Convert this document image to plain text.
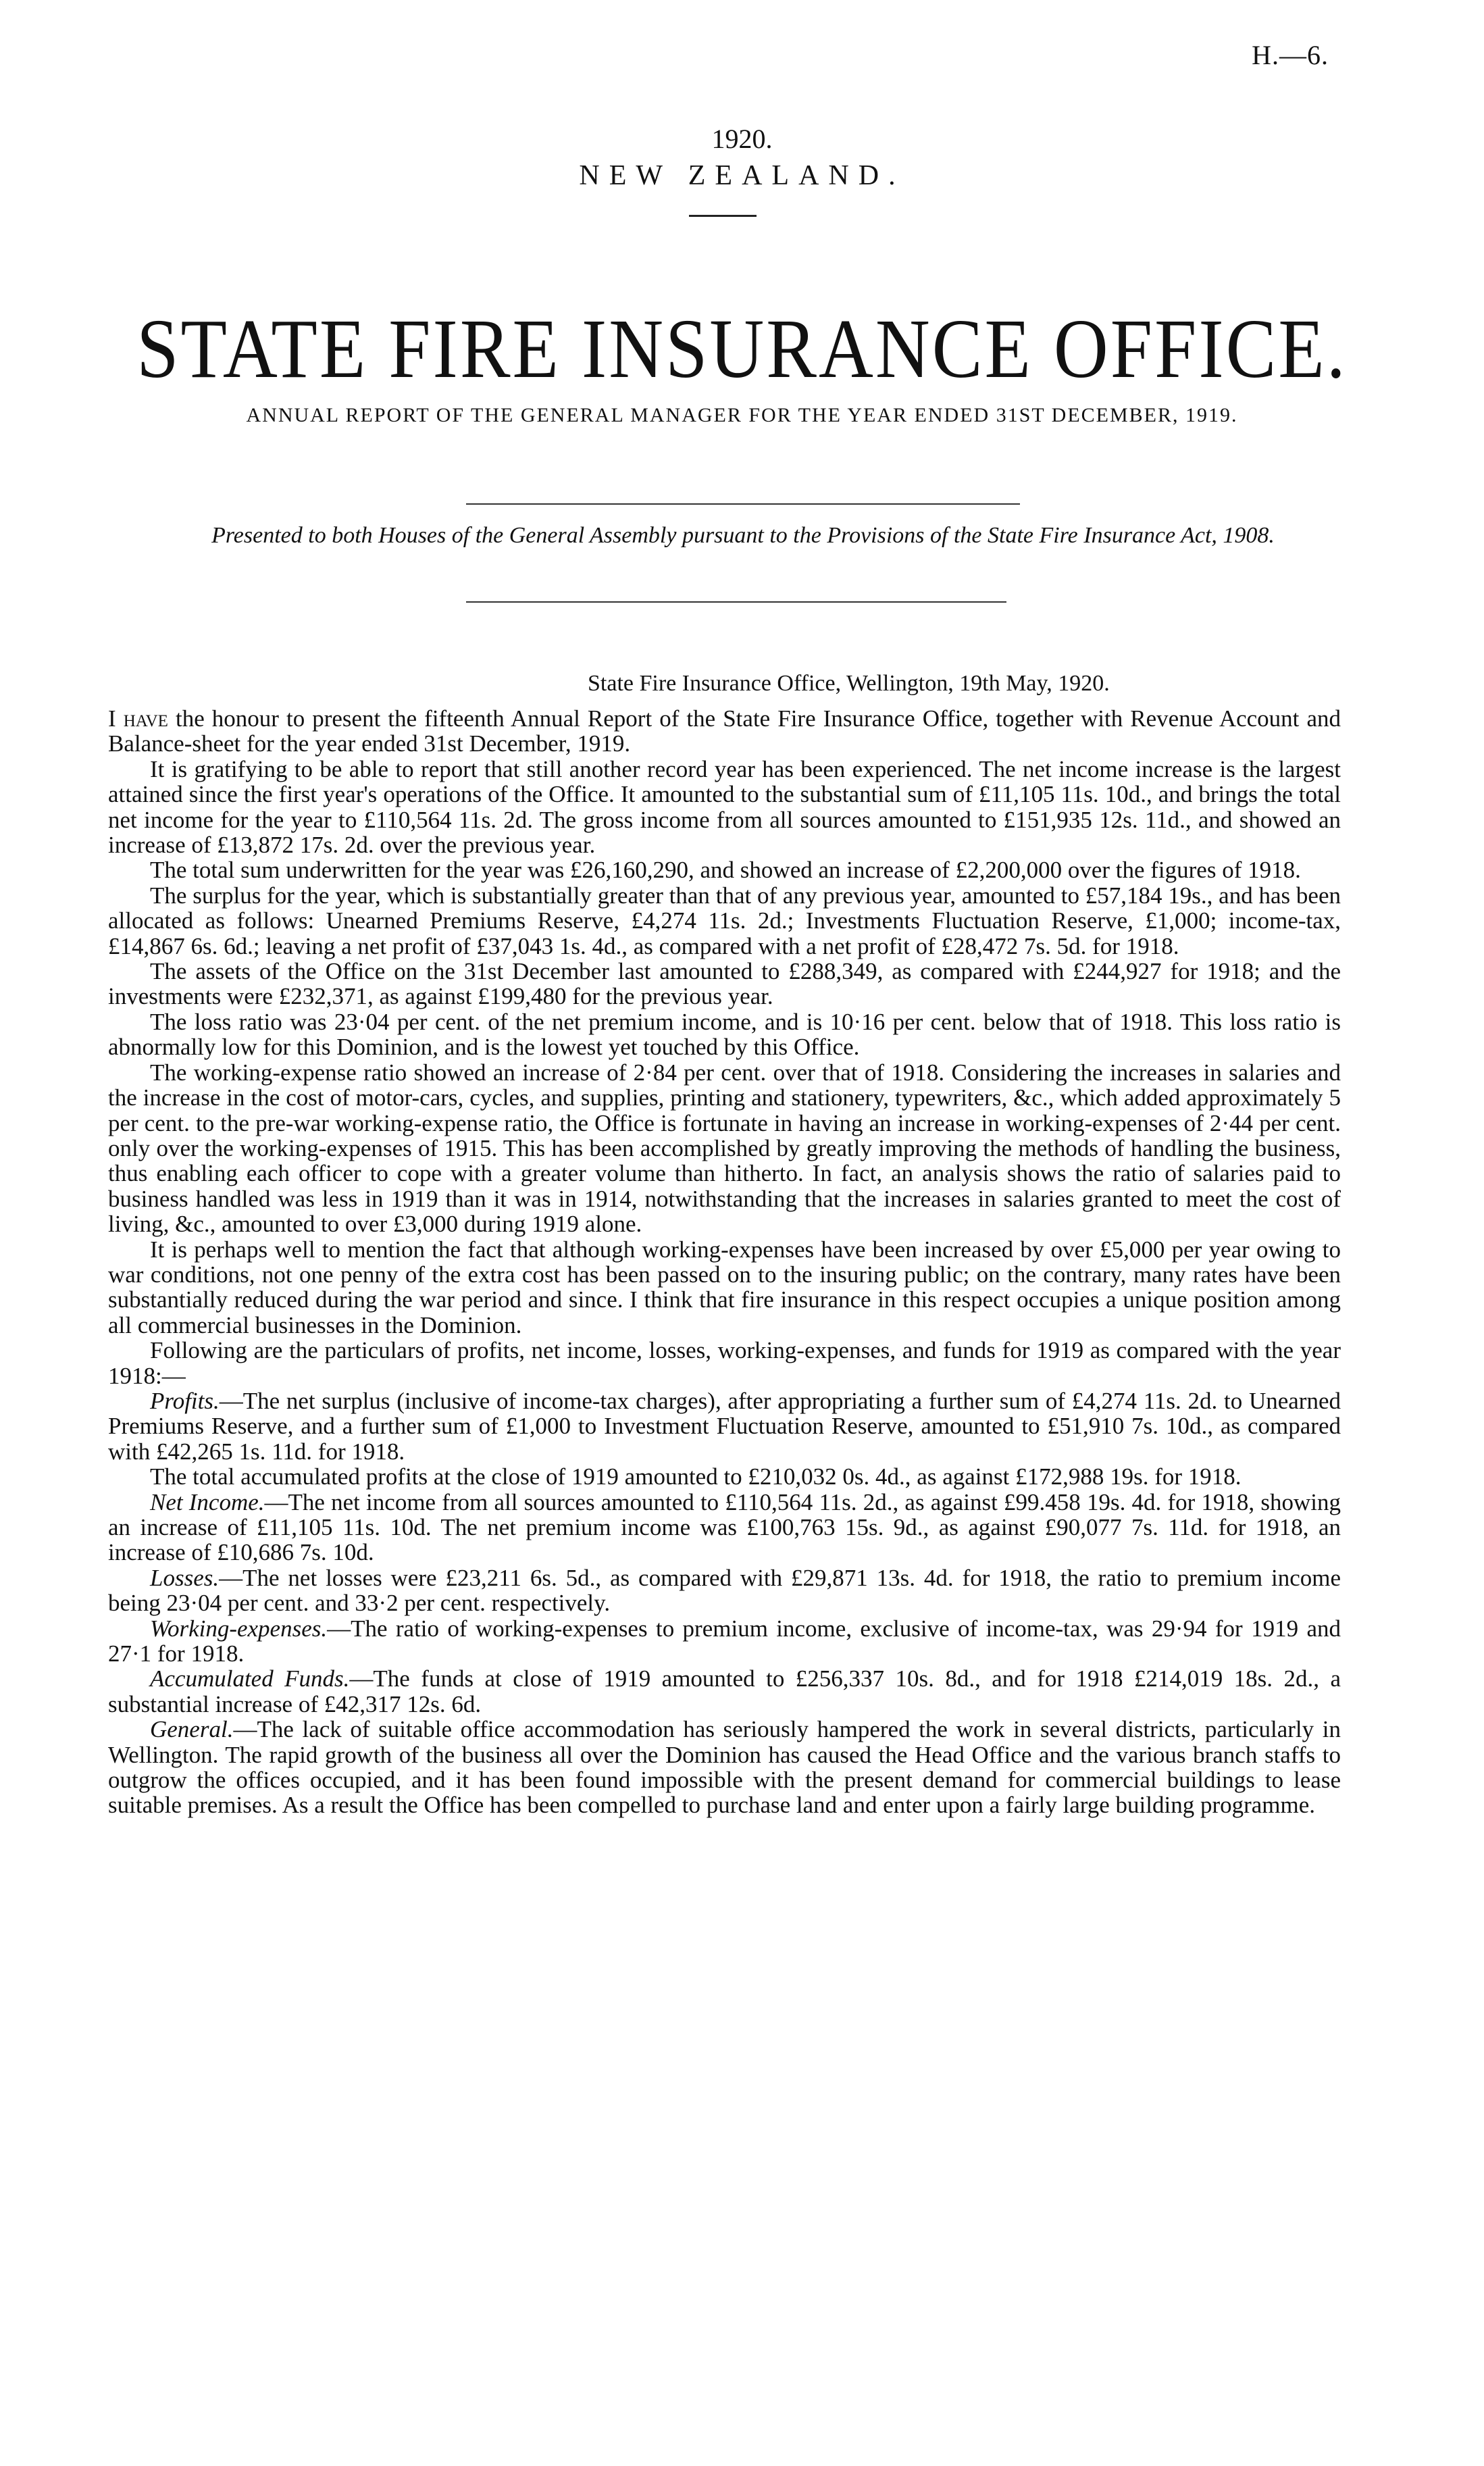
H.—6.
1920.
NEW ZEALAND.
STATE FIRE INSURANCE OFFICE.
ANNUAL REPORT OF THE GENERAL MANAGER FOR THE YEAR ENDED 31ST DECEMBER, 1919.
Presented to both Houses of the General Assembly pursuant to the Provisions of the State Fire Insurance Act, 1908.
State Fire Insurance Office, Wellington, 19th May, 1920.

I have the honour to present the fifteenth Annual Report of the State Fire Insurance Office, together with Revenue Account and Balance-sheet for the year ended 31st December, 1919.

It is gratifying to be able to report that still another record year has been experienced. The net income increase is the largest attained since the first year's operations of the Office. It amounted to the substantial sum of £11,105 11s. 10d., and brings the total net income for the year to £110,564 11s. 2d. The gross income from all sources amounted to £151,935 12s. 11d., and showed an increase of £13,872 17s. 2d. over the previous year.

The total sum underwritten for the year was £26,160,290, and showed an increase of £2,200,000 over the figures of 1918.

The surplus for the year, which is substantially greater than that of any previous year, amounted to £57,184 19s., and has been allocated as follows: Unearned Premiums Reserve, £4,274 11s. 2d.; Investments Fluctuation Reserve, £1,000; income-tax, £14,867 6s. 6d.; leaving a net profit of £37,043 1s. 4d., as compared with a net profit of £28,472 7s. 5d. for 1918.

The assets of the Office on the 31st December last amounted to £288,349, as compared with £244,927 for 1918; and the investments were £232,371, as against £199,480 for the previous year.

The loss ratio was 23·04 per cent. of the net premium income, and is 10·16 per cent. below that of 1918. This loss ratio is abnormally low for this Dominion, and is the lowest yet touched by this Office.

The working-expense ratio showed an increase of 2·84 per cent. over that of 1918. Considering the increases in salaries and the increase in the cost of motor-cars, cycles, and supplies, printing and stationery, typewriters, &c., which added approximately 5 per cent. to the pre-war working-expense ratio, the Office is fortunate in having an increase in working-expenses of 2·44 per cent. only over the working-expenses of 1915. This has been accomplished by greatly improving the methods of handling the business, thus enabling each officer to cope with a greater volume than hitherto. In fact, an analysis shows the ratio of salaries paid to business handled was less in 1919 than it was in 1914, notwithstanding that the increases in salaries granted to meet the cost of living, &c., amounted to over £3,000 during 1919 alone.

It is perhaps well to mention the fact that although working-expenses have been increased by over £5,000 per year owing to war conditions, not one penny of the extra cost has been passed on to the insuring public; on the contrary, many rates have been substantially reduced during the war period and since. I think that fire insurance in this respect occupies a unique position among all commercial businesses in the Dominion.

Following are the particulars of profits, net income, losses, working-expenses, and funds for 1919 as compared with the year 1918:—

Profits.—The net surplus (inclusive of income-tax charges), after appropriating a further sum of £4,274 11s. 2d. to Unearned Premiums Reserve, and a further sum of £1,000 to Investment Fluctuation Reserve, amounted to £51,910 7s. 10d., as compared with £42,265 1s. 11d. for 1918.

The total accumulated profits at the close of 1919 amounted to £210,032 0s. 4d., as against £172,988 19s. for 1918.

Net Income.—The net income from all sources amounted to £110,564 11s. 2d., as against £99.458 19s. 4d. for 1918, showing an increase of £11,105 11s. 10d. The net premium income was £100,763 15s. 9d., as against £90,077 7s. 11d. for 1918, an increase of £10,686 7s. 10d.

Losses.—The net losses were £23,211 6s. 5d., as compared with £29,871 13s. 4d. for 1918, the ratio to premium income being 23·04 per cent. and 33·2 per cent. respectively.

Working-expenses.—The ratio of working-expenses to premium income, exclusive of income-tax, was 29·94 for 1919 and 27·1 for 1918.

Accumulated Funds.—The funds at close of 1919 amounted to £256,337 10s. 8d., and for 1918 £214,019 18s. 2d., a substantial increase of £42,317 12s. 6d.

General.—The lack of suitable office accommodation has seriously hampered the work in several districts, particularly in Wellington. The rapid growth of the business all over the Dominion has caused the Head Office and the various branch staffs to outgrow the offices occupied, and it has been found impossible with the present demand for commercial buildings to lease suitable premises. As a result the Office has been compelled to purchase land and enter upon a fairly large building programme.
